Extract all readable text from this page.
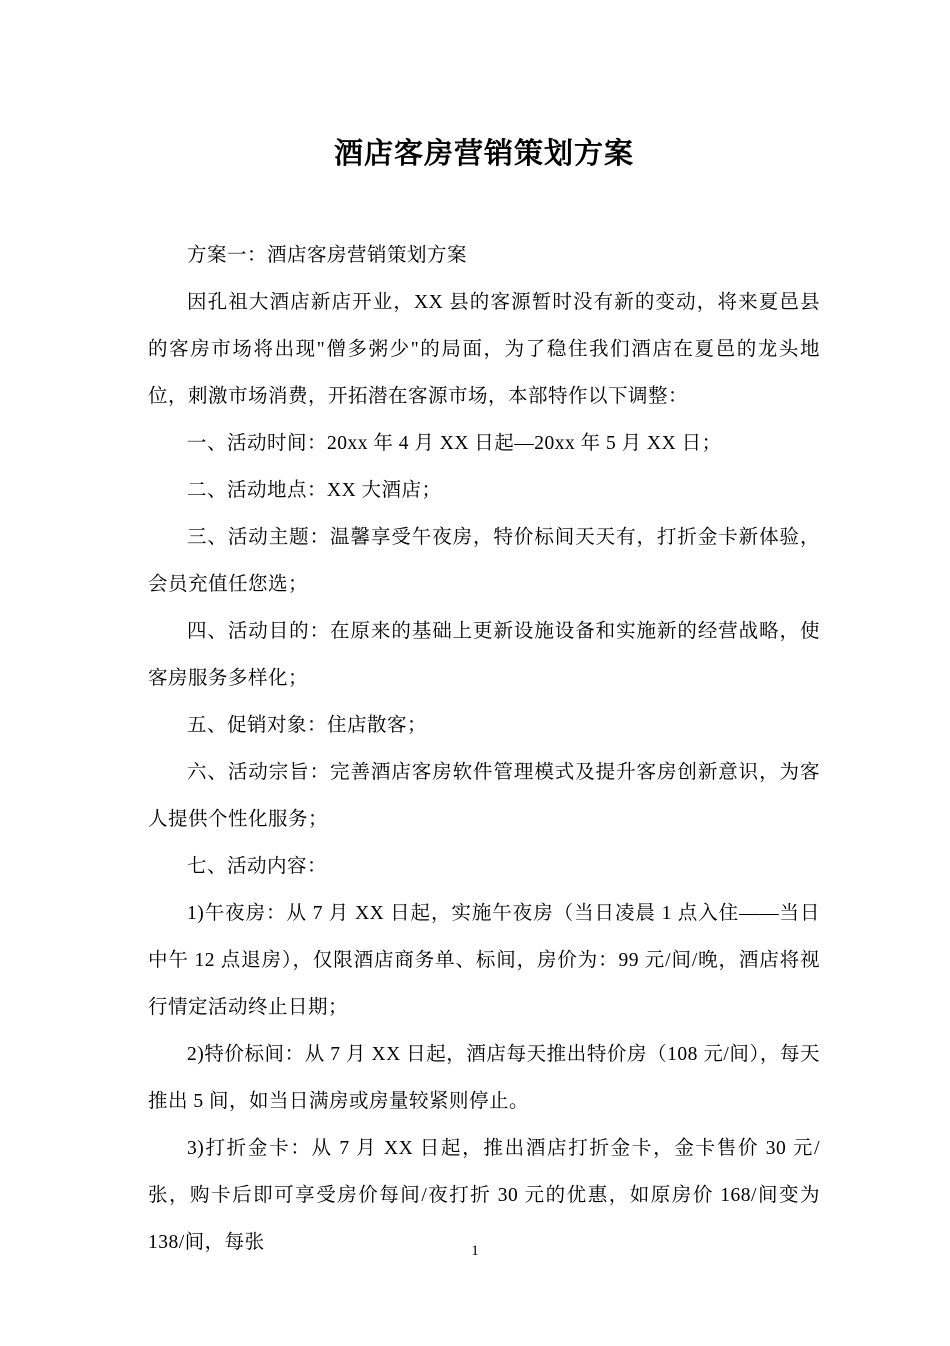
酒店客房营销策划方案

方案一：酒店客房营销策划方案

因孔祖大酒店新店开业，XX 县的客源暂时没有新的变动，将来夏邑县的客房市场将出现"僧多粥少"的局面，为了稳住我们酒店在夏邑的龙头地位，刺激市场消费，开拓潜在客源市场，本部特作以下调整：

一、活动时间：20xx 年 4 月 XX 日起—20xx 年 5 月 XX 日；

二、活动地点：XX 大酒店；

三、活动主题：温馨享受午夜房，特价标间天天有，打折金卡新体验，会员充值任您选；

四、活动目的：在原来的基础上更新设施设备和实施新的经营战略，使客房服务多样化；

五、促销对象：住店散客；

六、活动宗旨：完善酒店客房软件管理模式及提升客房创新意识，为客人提供个性化服务；

七、活动内容：

1)午夜房：从 7 月 XX 日起，实施午夜房（当日凌晨 1 点入住——当日中午 12 点退房），仅限酒店商务单、标间，房价为：99 元/间/晚，酒店将视行情定活动终止日期；

2)特价标间：从 7 月 XX 日起，酒店每天推出特价房（108 元/间），每天推出 5 间，如当日满房或房量较紧则停止。

3)打折金卡：从 7 月 XX 日起，推出酒店打折金卡，金卡售价 30 元/张，购卡后即可享受房价每间/夜打折 30 元的优惠，如原房价 168/间变为 138/间，每张	1
